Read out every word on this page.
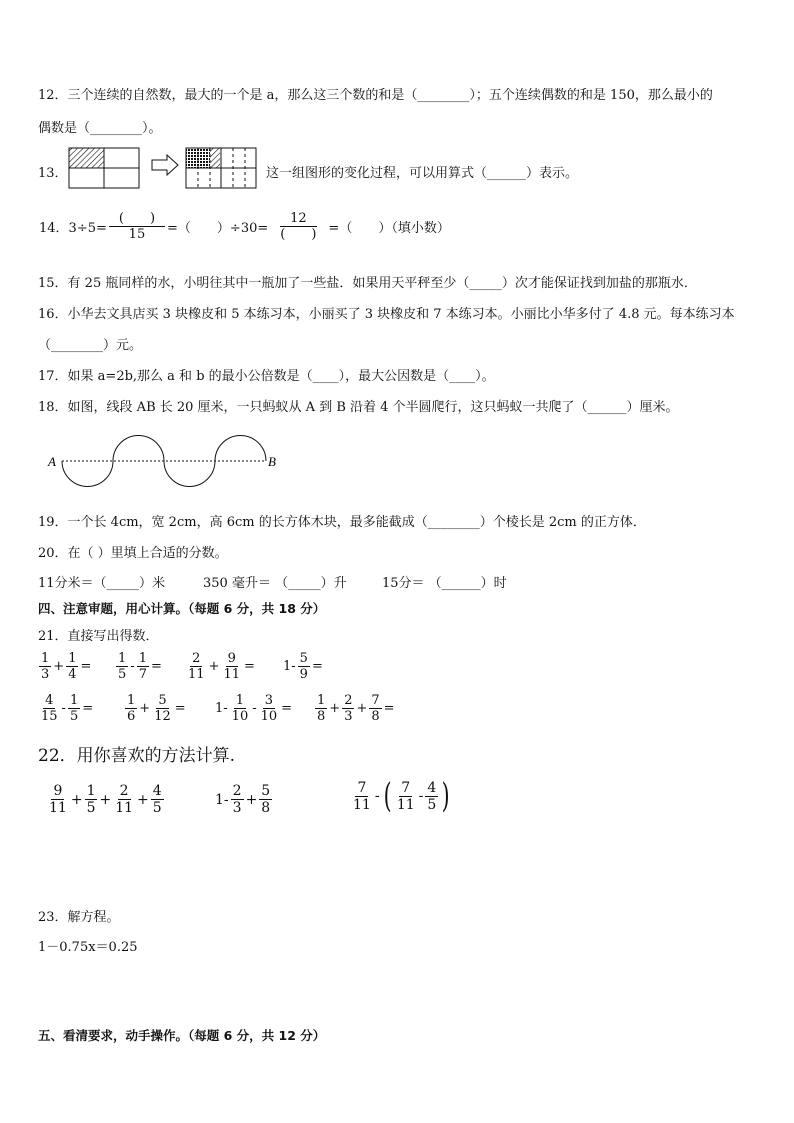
12．三个连续的自然数，最大的一个是 a，那么这三个数的和是（________）；五个连续偶数的和是 150，那么最小的
偶数是（________）。
13．	这一组图形的变化过程，可以用算式（______）表示。
14．$3\div 5= \frac{( )}{15}$ =（　　）$\div 30= \frac{12}{( )}$ =（　　）（填小数）
15．有 25 瓶同样的水，小明往其中一瓶加了一些盐．如果用天平秤至少（_____）次才能保证找到加盐的那瓶水．
16．小华去文具店买 3 块橡皮和 5 本练习本，小丽买了 3 块橡皮和 7 本练习本。小丽比小华多付了 4.8 元。每本练习本
（________）元。
17．如果 a=2b,那么 a 和 b 的最小公倍数是（____），最大公因数是（____）。
18．如图，线段 AB 长 20 厘米，一只蚂蚁从 A 到 B 沿着 4 个半圆爬行，这只蚂蚁一共爬了（______）厘米。
A	B
19．一个长 4cm，宽 2cm，高 6cm 的长方体木块，最多能截成（________）个棱长是 2cm 的正方体．
20．在（ ）里填上合适的分数。
11分米＝（_____）米	350 毫升＝ （_____）升	15分＝ （______）时
四、注意审题，用心计算。（每题 6 分，共 18 分）
21．直接写出得数．
$\frac{1}{3} + \frac{1}{4} = \frac{1}{5} - \frac{1}{7} = \frac{2}{11} + \frac{9}{11} = 1- \frac{5}{9}$ =
$\frac{4}{15} - \frac{1}{5} = \frac{1}{6} + \frac{5}{12} = 1- \frac{1}{10} - \frac{3}{10} = \frac{1}{8} + \frac{2}{3} + \frac{7}{8}$ =
22．用你喜欢的方法计算.
$\frac{9}{11} + \frac{1}{5} + \frac{2}{11} + \frac{4}{5}$	$1- \frac{2}{3} + \frac{5}{8}$	$\frac{7}{11}$ - ( $\frac{7}{11} - \frac{4}{5}$ )
23．解方程。
1－0.75x＝0.25
五、看清要求，动手操作。（每题 6 分，共 12 分）
